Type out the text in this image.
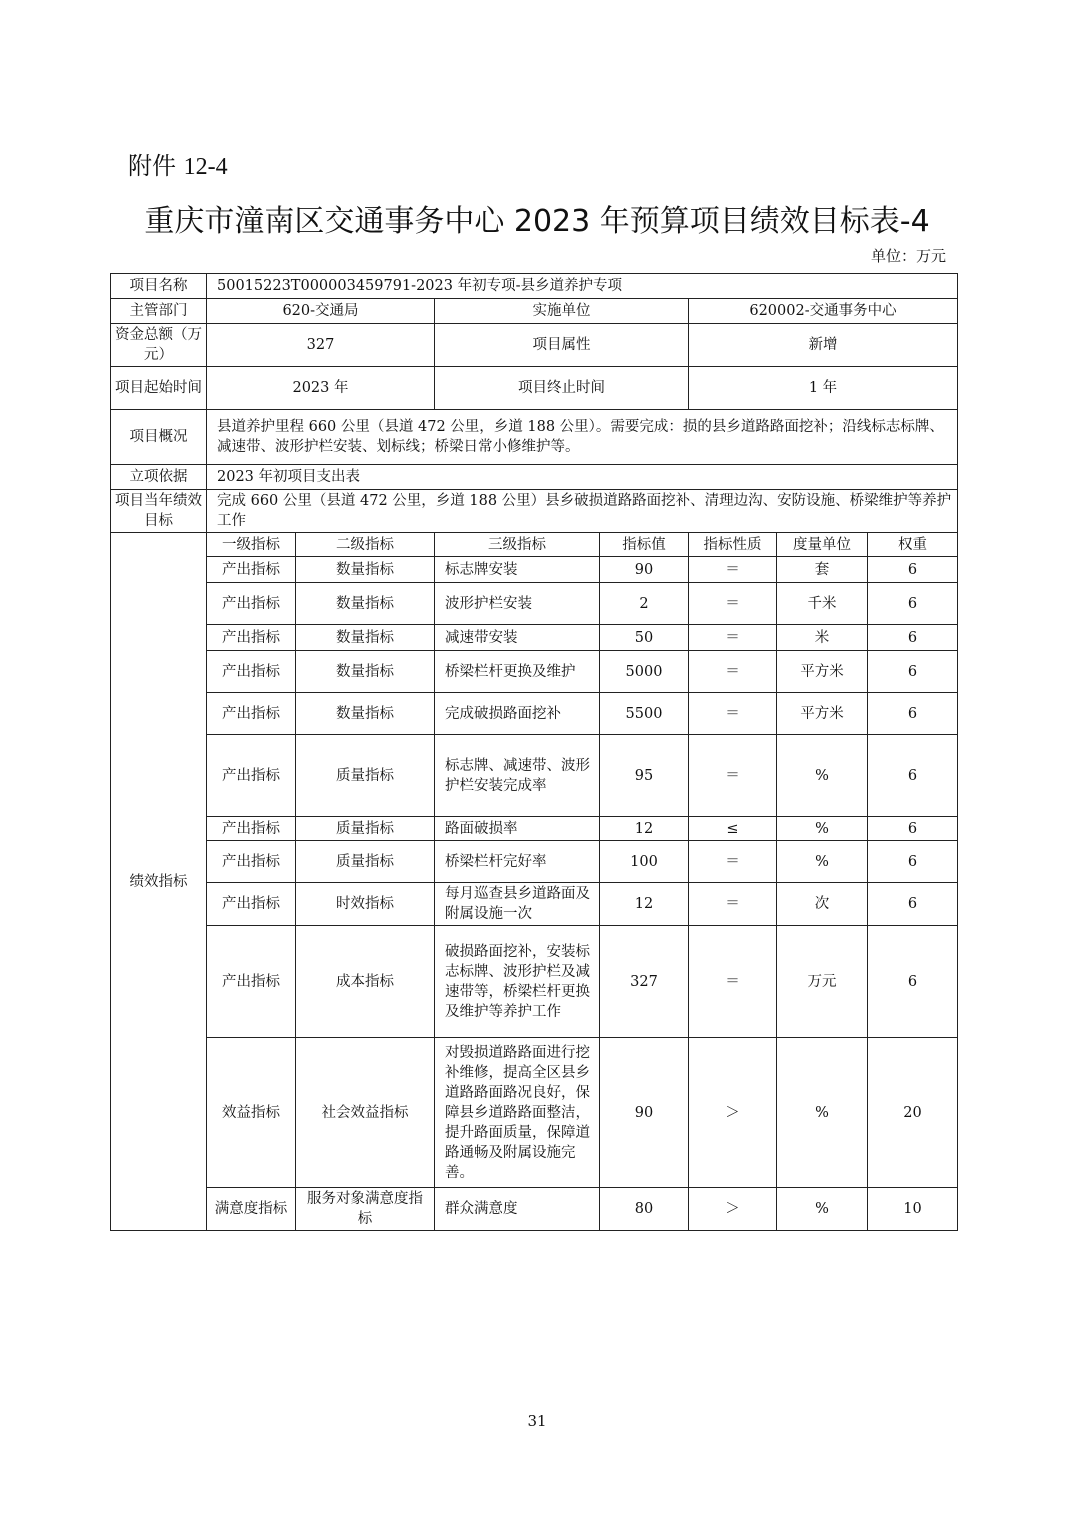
附件 12-4
重庆市潼南区交通事务中心 2023 年预算项目绩效目标表-4
单位：万元
项目名称	50015223T000003459791-2023 年初专项-县乡道养护专项						
主管部门	620-交通局		实施单位		620002-交通事务中心		
资金总额（万元）	327		项目属性		新增		
项目起始时间	2023 年		项目终止时间		1 年		
项目概况	县道养护里程 660 公里（县道 472 公里，乡道 188 公里）。需要完成：损的县乡道路路面挖补；沿线标志标牌、减速带、波形护栏安装、划标线；桥梁日常小修维护等。						
立项依据	2023 年初项目支出表						
项目当年绩效目标	完成 660 公里（县道 472 公里，乡道 188 公里）县乡破损道路路面挖补、清理边沟、安防设施、桥梁维护等养护工作						
绩效指标	一级指标	二级指标	三级指标	指标值	指标性质	度量单位	权重
	产出指标	数量指标	标志牌安装	90	＝	套	6
	产出指标	数量指标	波形护栏安装	2	＝	千米	6
	产出指标	数量指标	减速带安装	50	＝	米	6
	产出指标	数量指标	桥梁栏杆更换及维护	5000	＝	平方米	6
	产出指标	数量指标	完成破损路面挖补	5500	＝	平方米	6
	产出指标	质量指标	标志牌、减速带、波形护栏安装完成率	95	＝	%	6
	产出指标	质量指标	路面破损率	12	≤	%	6
	产出指标	质量指标	桥梁栏杆完好率	100	＝	%	6
	产出指标	时效指标	每月巡查县乡道路面及附属设施一次	12	＝	次	6
	产出指标	成本指标	破损路面挖补，安装标志标牌、波形护栏及减速带等，桥梁栏杆更换及维护等养护工作	327	＝	万元	6
	效益指标	社会效益指标	对毁损道路路面进行挖补维修，提高全区县乡道路路面路况良好，保障县乡道路路面整洁，提升路面质量，保障道路通畅及附属设施完善。	90	＞	%	20
	满意度指标	服务对象满意度指标	群众满意度	80	＞	%	10
31
